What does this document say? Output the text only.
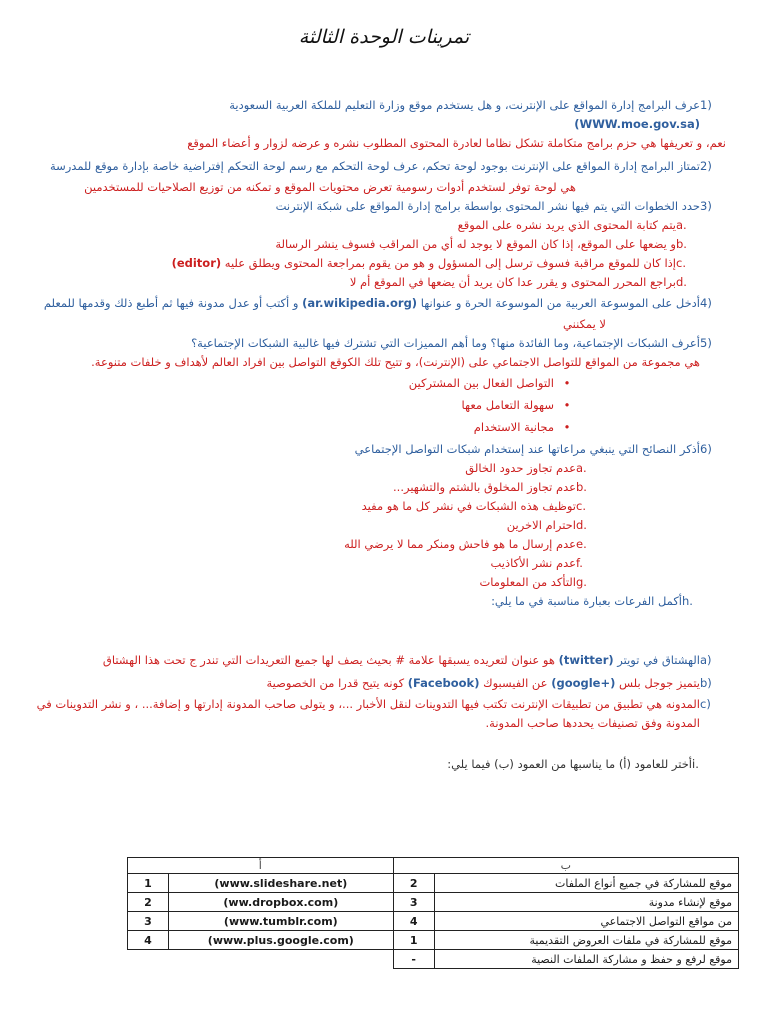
تمرينات الوحدة الثالثة
1)
عرف البرامج إدارة المواقع على الإنترنت، و هل يستخدم موقع وزارة التعليم للملكة العربية السعودية
(WWW.moe.gov.sa)
نعم، و تعريفها هي حزم برامج متكاملة تشكل نظاما لعادرة المحتوى المطلوب نشره و عرضه لزوار و أعضاء الموقع
2)
تمتاز البرامج إدارة المواقع على الإنترنت بوجود لوحة تحكم، عرف لوحة التحكم مع رسم لوحة التحكم إفتراضية خاصة بإدارة موقع للمدرسة
هي لوحة توفر لستخدم أدوات رسومية تعرض محتويات الموقع و تمكنه من توزيع الصلاحيات للمستخدمين
3)
حدد الخطوات التي يتم فيها نشر المحتوى بواسطة برامج إدارة المواقع على شبكة الإنترنت
a.
يتم كتابة المحتوى الذي يريد نشره على الموقع
b.
و يضعها على الموقع، إذا كان الموقع لا يوجد له أي من المراقب فسوف ينشر الرسالة
c.
إذا كان للموقع مراقبة فسوف ترسل إلى المسؤول و هو من يقوم بمراجعة المحتوى ويطلق عليه (editor)
d.
براجع المحرر المحتوى و يقرر عدا كان يريد أن يضعها في الموقع أم لا
4)
أدخل على الموسوعة العربية من الموسوعة الحرة و عنوانها (ar.wikipedia.org) و أكتب أو عدل مدونة فيها ثم أطبع ذلك وقدمها للمعلم
لا يمكنني
5)
أعرف الشبكات الإجتماعية، وما الفائدة منها؟ وما أهم المميزات التي تشترك فيها غالبية الشبكات الإجتماعية؟
هي مجموعة من المواقع للتواصل الاجتماعي على (الإنترنت)، و تتيح تلك الكوقع التواصل بين افراد العالم لأهداف و خلفات متنوعة.
•
التواصل الفعال بين المشتركين
•
سهولة التعامل معها
•
مجانية الاستخدام
6)
أذكر النصائح التي ينبغي مراعاتها عند إستخدام شبكات التواصل الإجتماعي
a.
عدم تجاوز حدود الخالق
b.
عدم تجاوز المخلوق بالشتم والتشهير...
c.
توظيف هذه الشبكات في نشر كل ما هو مفيد
d.
احترام الاخرين
e.
عدم إرسال ما هو فاحش ومنكر مما لا يرضي الله
f.
عدم نشر الأكاذيب
g.
التأكد من المعلومات
h.
أكمل الفرعات بعبارة مناسبة في ما يلي:
a)
الهشتاق في تويتر (twitter) هو عنوان لتعريده يسبقها علامة # بحيث يصف لها جميع التعريدات التي تندر ج تحت هذا الهشتاق
b)
يتميز جوجل بلس (google+) عن الفيسبوك (Facebook) كونه يتيح قدرا من الخصوصية
c)
المدونه هي تطبيق من تطبيقات الإنترنت تكتب فيها التدوينات لنقل الأخبار ...، و يتولى صاحب المدونة إدارتها و إضافة... ، و نشر التدوينات في المدونة وفق تصنيفات يحددها صاحب المدونة.
i.
أختر للعامود (أ) ما يناسبها من العمود (ب) فيما يلي:
ب		أ	
موقع للمشاركة في جميع أنواع الملفات	2	(www.slideshare.net)	1
موقع لإنشاء مدونة	3	(ww.dropbox.com)	2
من مواقع التواصل الاجتماعي	4	(www.tumblr.com)	3
موقع للمشاركة في ملفات العروض التقديمية	1	(www.plus.google.com)	4
موقع لرفع و حفظ و مشاركة الملفات النصية	-		
